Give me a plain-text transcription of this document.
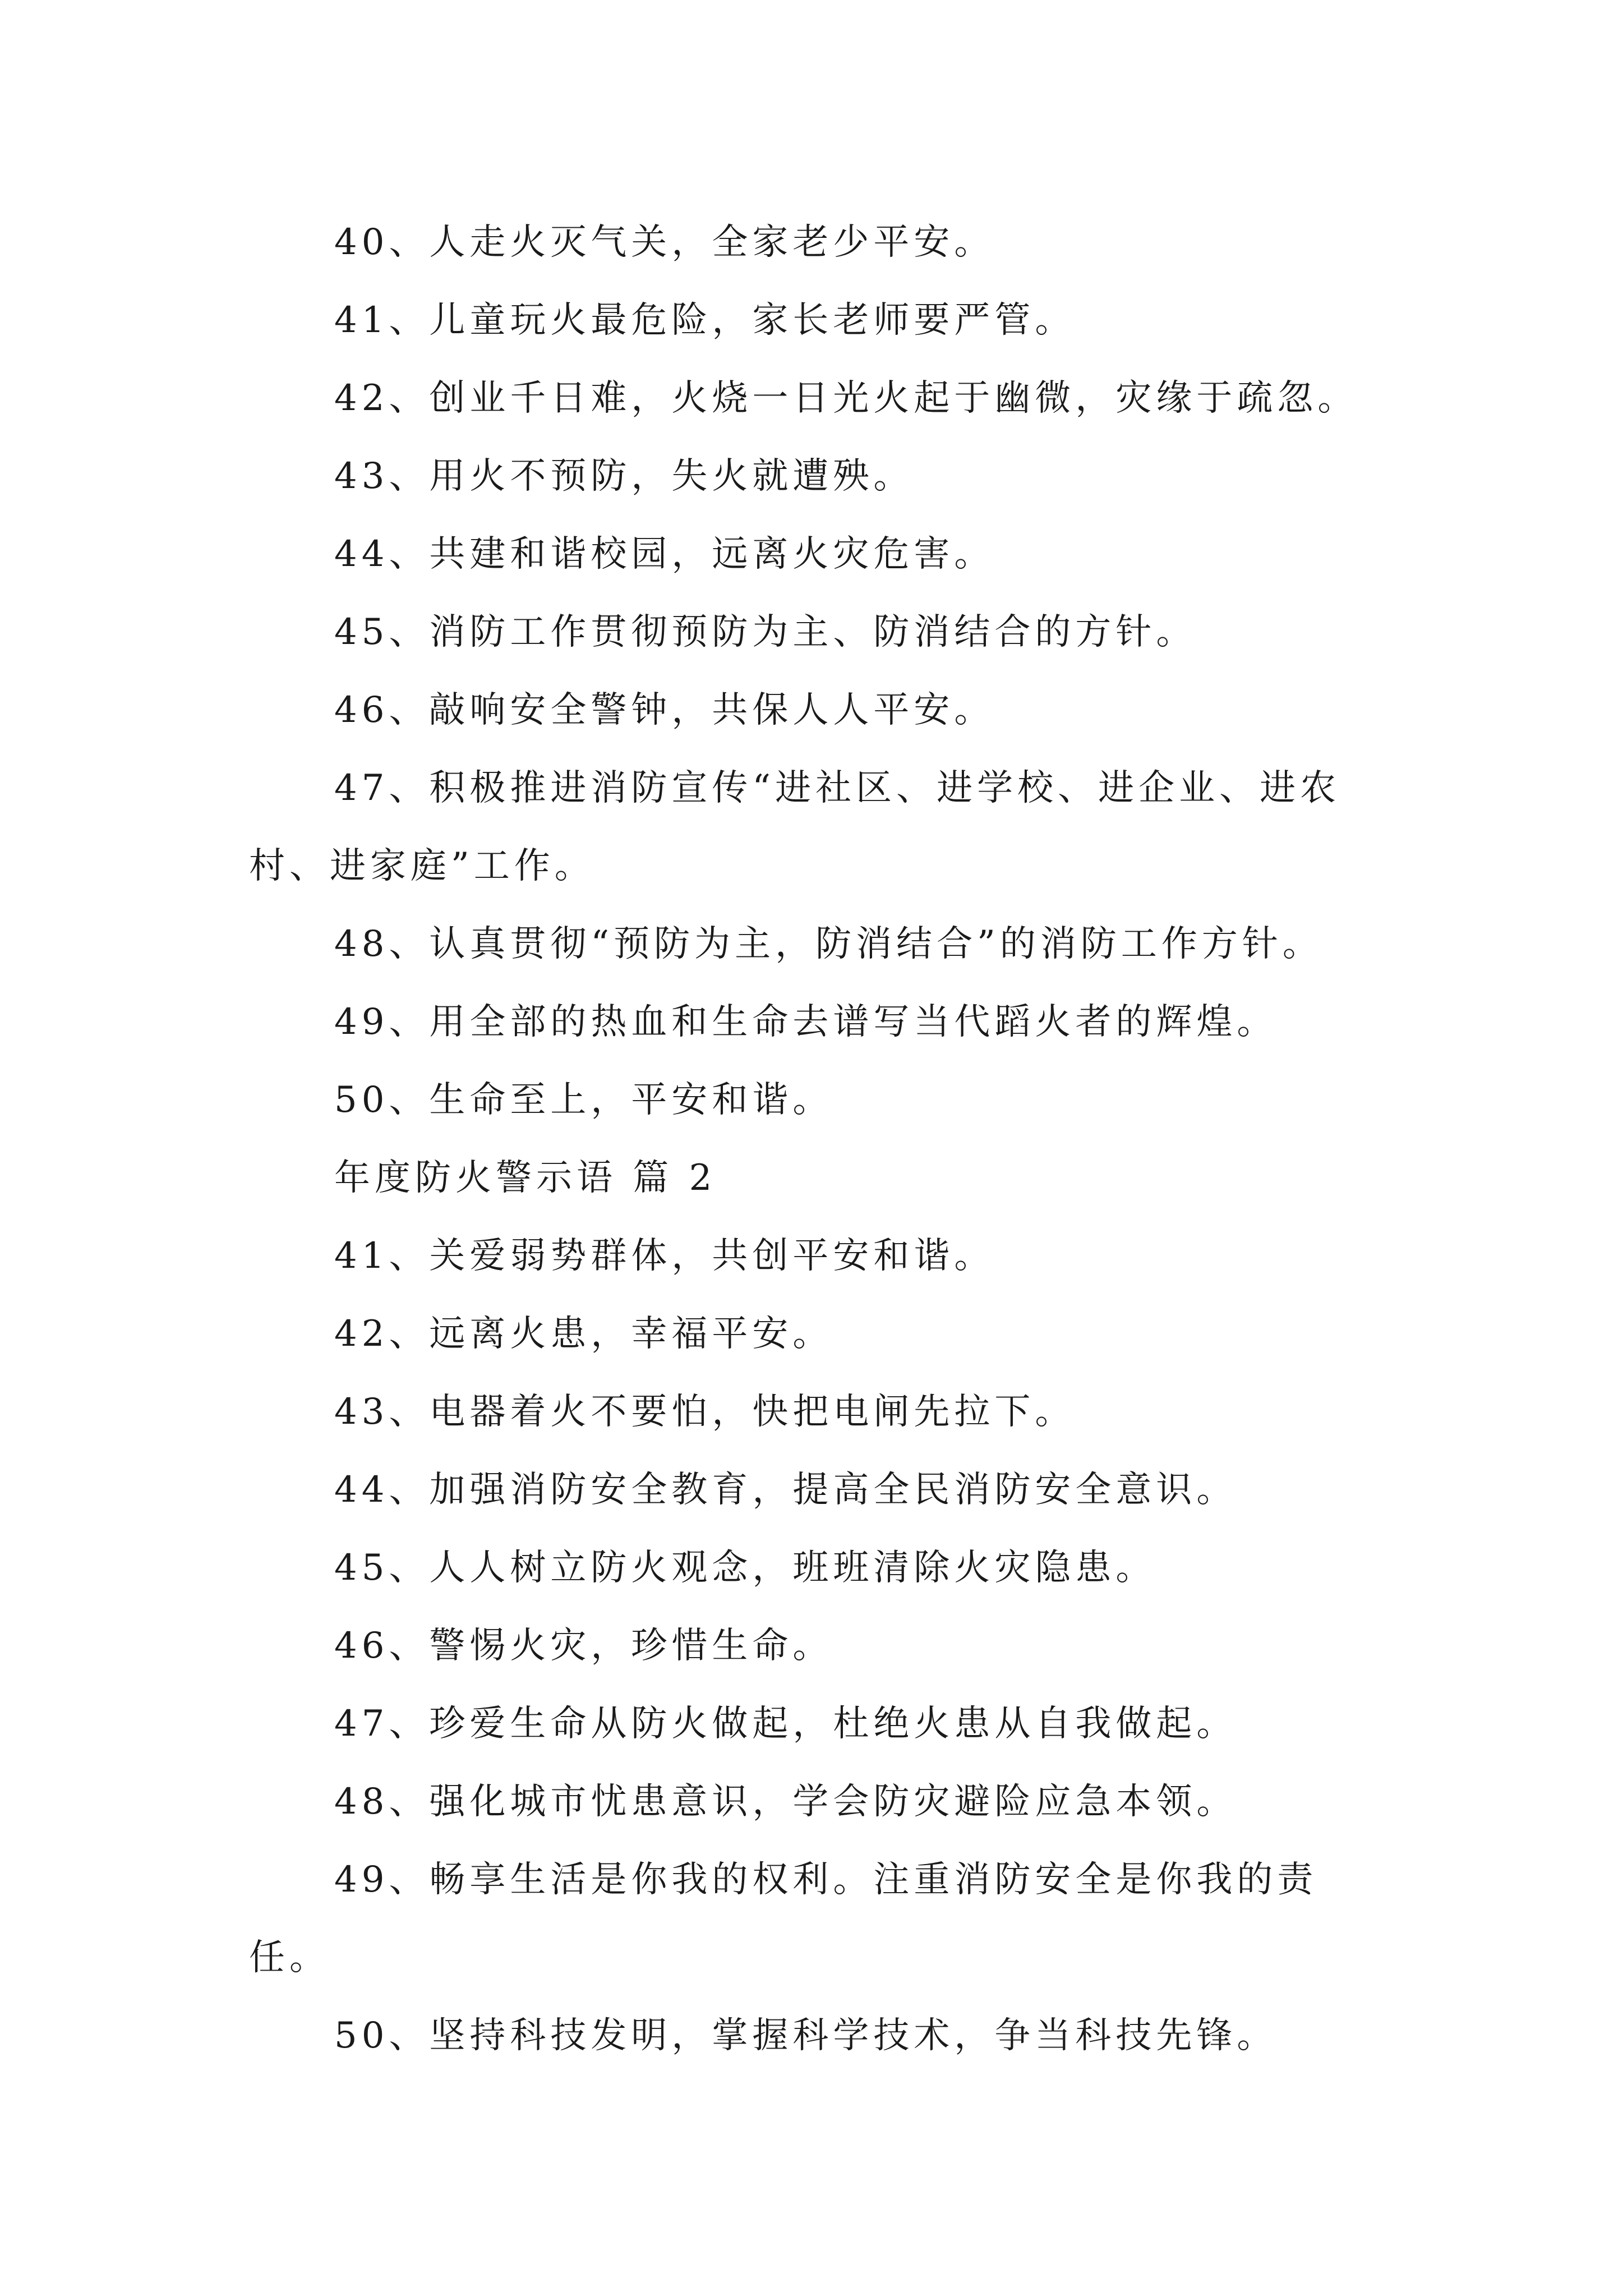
40、人走火灭气关，全家老少平安。

41、儿童玩火最危险，家长老师要严管。

42、创业千日难，火烧一日光火起于幽微，灾缘于疏忽。

43、用火不预防，失火就遭殃。

44、共建和谐校园，远离火灾危害。

45、消防工作贯彻预防为主、防消结合的方针。

46、敲响安全警钟，共保人人平安。

47、积极推进消防宣传“进社区、进学校、进企业、进农村、进家庭”工作。

48、认真贯彻“预防为主，防消结合”的消防工作方针。

49、用全部的热血和生命去谱写当代蹈火者的辉煌。

50、生命至上，平安和谐。

年度防火警示语 篇 2

41、关爱弱势群体，共创平安和谐。

42、远离火患，幸福平安。

43、电器着火不要怕，快把电闸先拉下。

44、加强消防安全教育，提高全民消防安全意识。

45、人人树立防火观念，班班清除火灾隐患。

46、警惕火灾，珍惜生命。

47、珍爱生命从防火做起，杜绝火患从自我做起。

48、强化城市忧患意识，学会防灾避险应急本领。

49、畅享生活是你我的权利。注重消防安全是你我的责任。

50、坚持科技发明，掌握科学技术，争当科技先锋。
